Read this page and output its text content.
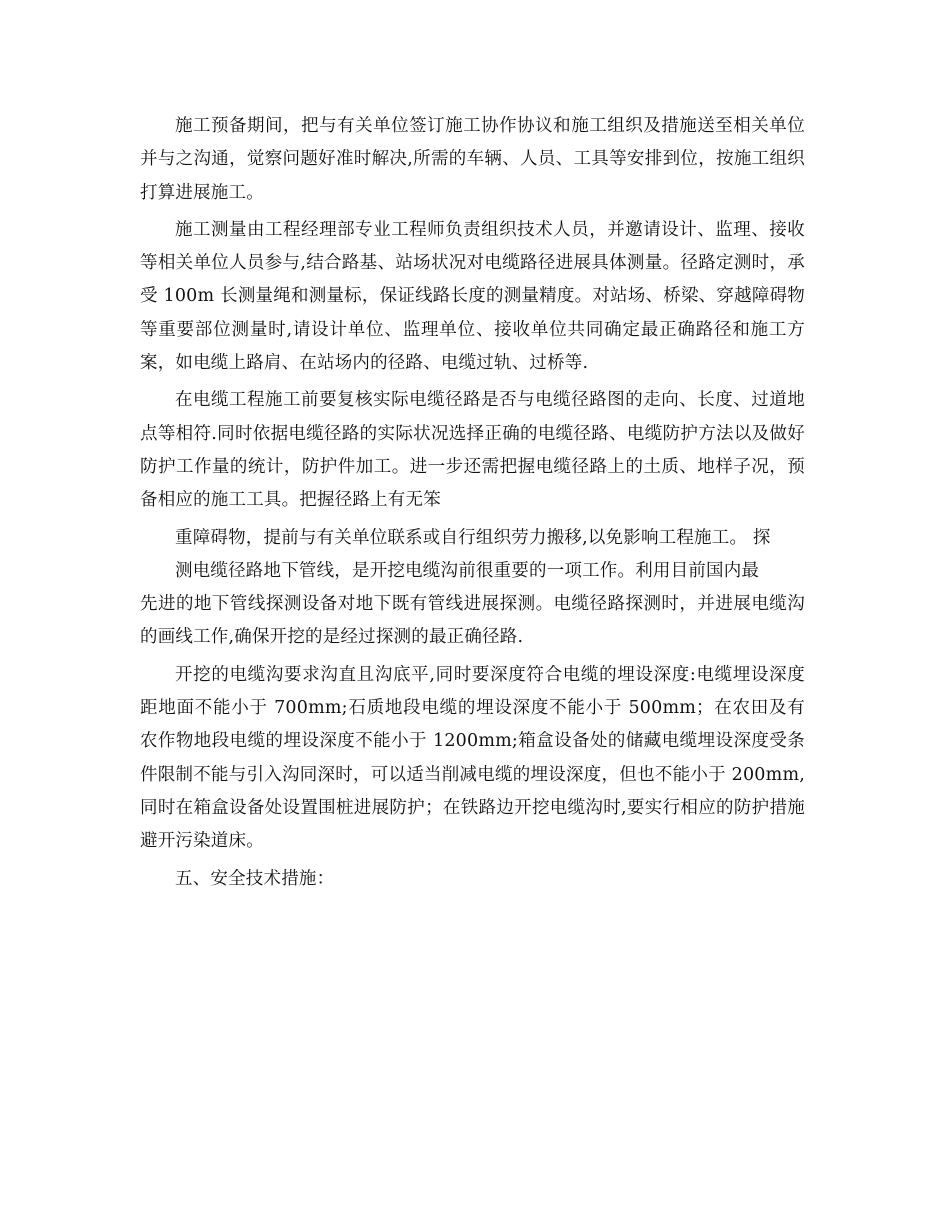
施工预备期间，把与有关单位签订施工协作协议和施工组织及措施送至相关单位并与之沟通，觉察问题好准时解决,所需的车辆、人员、工具等安排到位，按施工组织打算进展施工。

施工测量由工程经理部专业工程师负责组织技术人员，并邀请设计、监理、接收等相关单位人员参与,结合路基、站场状况对电缆路径进展具体测量。径路定测时，承受 100m 长测量绳和测量标，保证线路长度的测量精度。对站场、桥梁、穿越障碍物等重要部位测量时,请设计单位、监理单位、接收单位共同确定最正确路径和施工方案，如电缆上路肩、在站场内的径路、电缆过轨、过桥等.

在电缆工程施工前要复核实际电缆径路是否与电缆径路图的走向、长度、过道地点等相符.同时依据电缆径路的实际状况选择正确的电缆径路、电缆防护方法以及做好防护工作量的统计，防护件加工。进一步还需把握电缆径路上的土质、地样子况，预备相应的施工工具。把握径路上有无笨

重障碍物，提前与有关单位联系或自行组织劳力搬移,以免影响工程施工。 探

测电缆径路地下管线，是开挖电缆沟前很重要的一项工作。利用目前国内最

先进的地下管线探测设备对地下既有管线进展探测。电缆径路探测时，并进展电缆沟的画线工作,确保开挖的是经过探测的最正确径路.

开挖的电缆沟要求沟直且沟底平,同时要深度符合电缆的埋设深度:电缆埋设深度距地面不能小于 700mm;石质地段电缆的埋设深度不能小于 500mm；在农田及有农作物地段电缆的埋设深度不能小于 1200mm;箱盒设备处的储藏电缆埋设深度受条件限制不能与引入沟同深时，可以适当削减电缆的埋设深度，但也不能小于 200mm,同时在箱盒设备处设置围桩进展防护；在铁路边开挖电缆沟时,要实行相应的防护措施避开污染道床。

五、安全技术措施：
